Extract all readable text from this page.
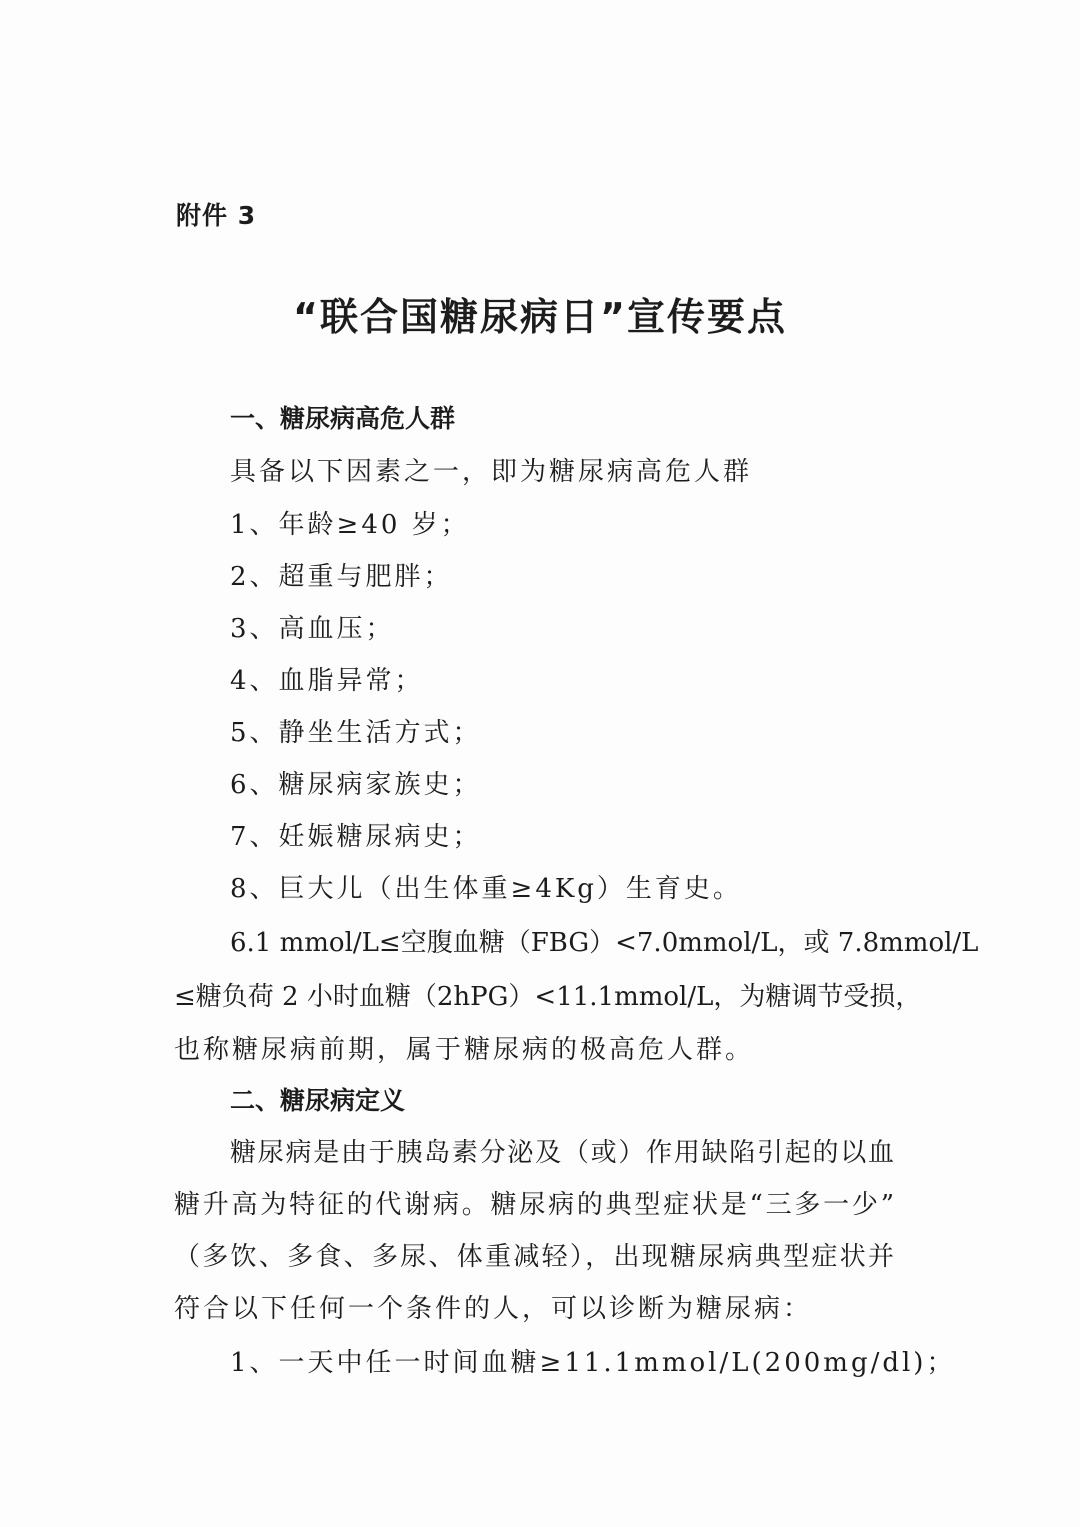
附件 3
“联合国糖尿病日”宣传要点
一、糖尿病高危人群
具备以下因素之一，即为糖尿病高危人群
1、年龄≥40 岁；
2、超重与肥胖；
3、高血压；
4、血脂异常；
5、静坐生活方式；
6、糖尿病家族史；
7、妊娠糖尿病史；
8、巨大儿（出生体重≥4Kg）生育史。
6.1 mmol/L≤空腹血糖（FBG）<7.0mmol/L，或 7.8mmol/L
≤糖负荷 2 小时血糖（2hPG）<11.1mmol/L，为糖调节受损，
也称糖尿病前期，属于糖尿病的极高危人群。
二、糖尿病定义
糖尿病是由于胰岛素分泌及（或）作用缺陷引起的以血
糖升高为特征的代谢病。糖尿病的典型症状是“三多一少”
（多饮、多食、多尿、体重减轻），出现糖尿病典型症状并
符合以下任何一个条件的人，可以诊断为糖尿病：
1、一天中任一时间血糖≥11.1mmol/L(200mg/dl)；
